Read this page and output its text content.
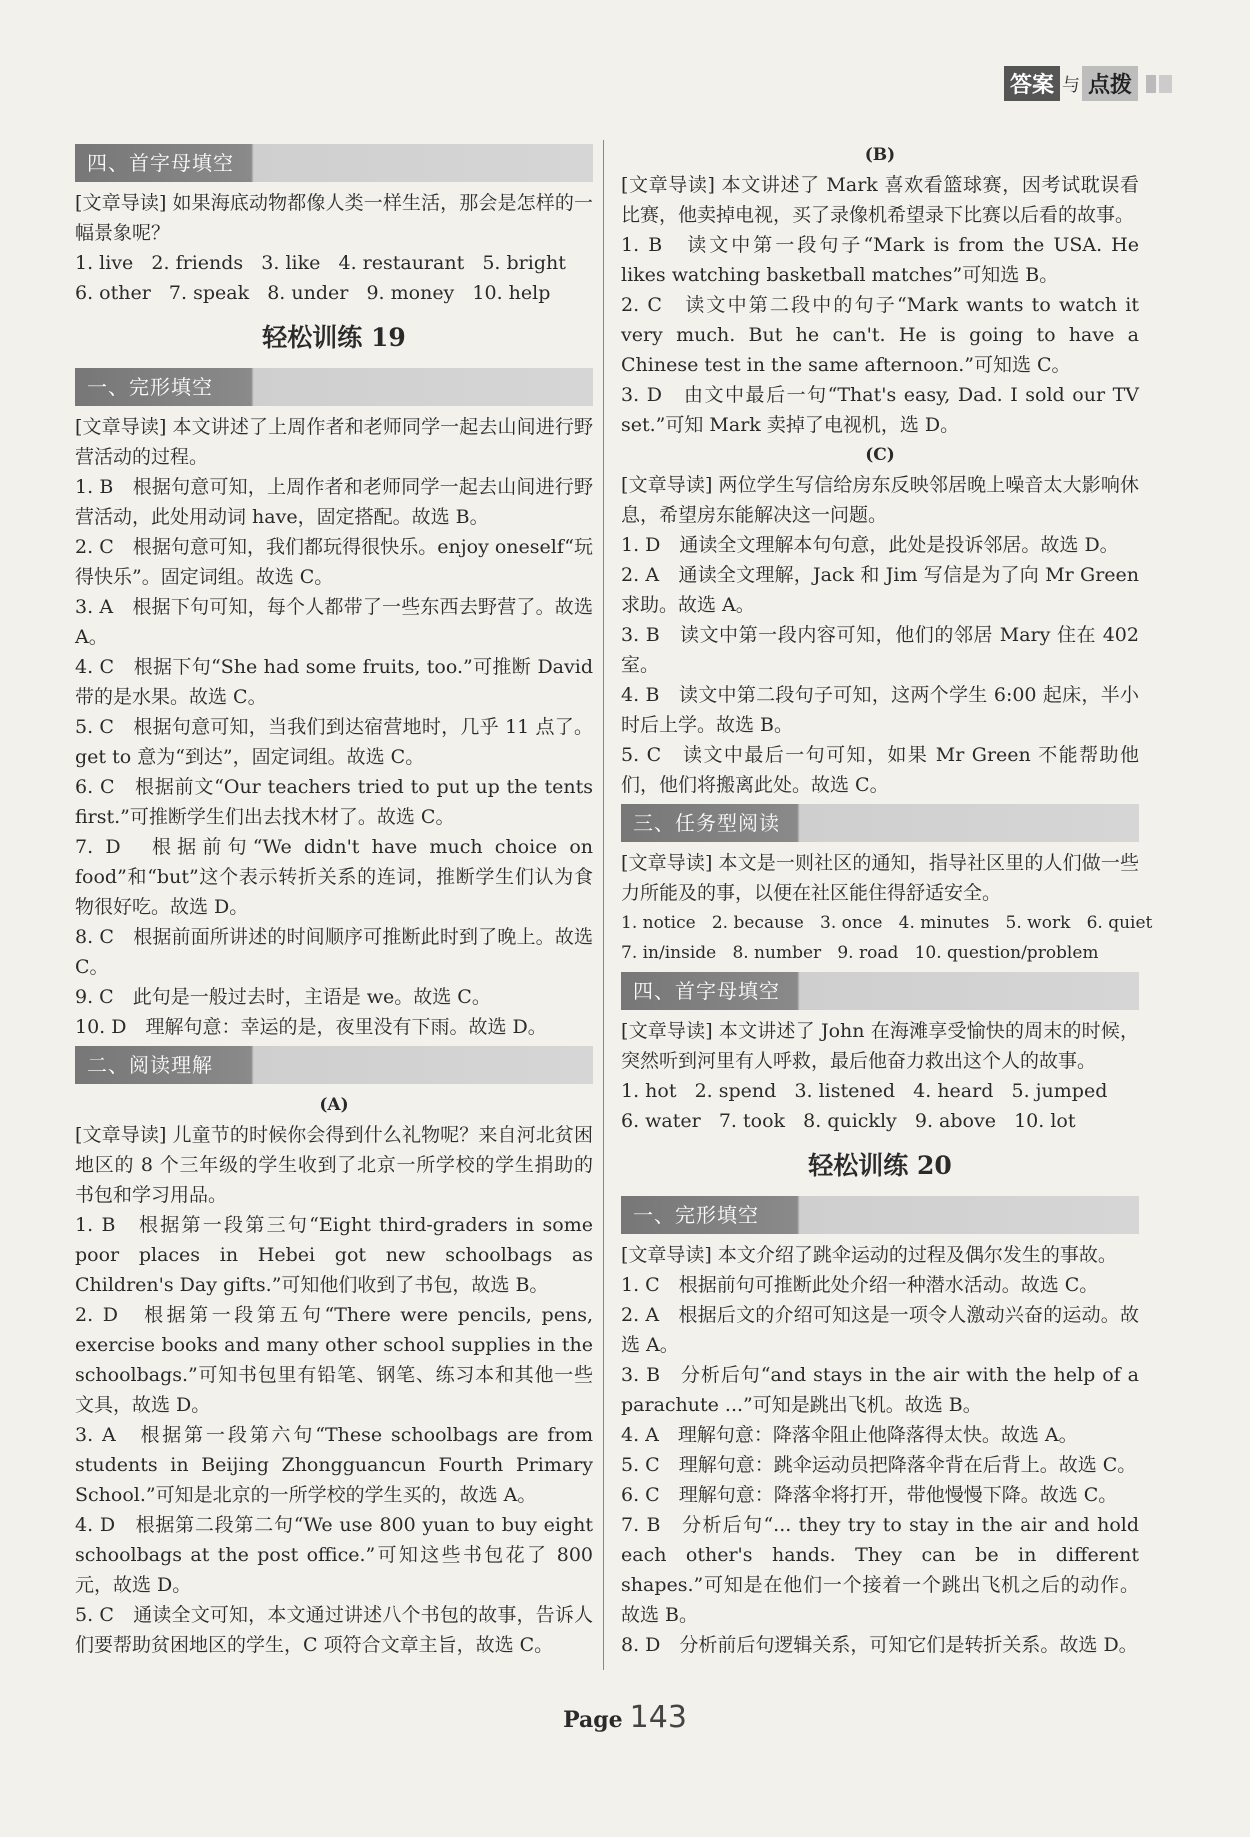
答案 与 点拨
四、首字母填空

[文章导读] 如果海底动物都像人类一样生活，那会是怎样的一幅景象呢？

1. live   2. friends   3. like   4. restaurant   5. bright

6. other   7. speak   8. under   9. money   10. help

轻松训练 19
一、完形填空

[文章导读] 本文讲述了上周作者和老师同学一起去山间进行野营活动的过程。

1. B　根据句意可知，上周作者和老师同学一起去山间进行野营活动，此处用动词 have，固定搭配。故选 B。

2. C　根据句意可知，我们都玩得很快乐。enjoy oneself“玩得快乐”。固定词组。故选 C。

3. A　根据下句可知，每个人都带了一些东西去野营了。故选 A。

4. C　根据下句“She had some fruits, too.”可推断 David 带的是水果。故选 C。

5. C　根据句意可知，当我们到达宿营地时，几乎 11 点了。get to 意为“到达”，固定词组。故选 C。

6. C　根据前文“Our teachers tried to put up the tents first.”可推断学生们出去找木材了。故选 C。

7. D　根据前句“We didn't have much choice on food”和“but”这个表示转折关系的连词，推断学生们认为食物很好吃。故选 D。

8. C　根据前面所讲述的时间顺序可推断此时到了晚上。故选 C。

9. C　此句是一般过去时，主语是 we。故选 C。

10. D　理解句意：幸运的是，夜里没有下雨。故选 D。

二、阅读理解
(A)

[文章导读] 儿童节的时候你会得到什么礼物呢？来自河北贫困地区的 8 个三年级的学生收到了北京一所学校的学生捐助的书包和学习用品。

1. B　根据第一段第三句“Eight third-graders in some poor places in Hebei got new schoolbags as Children's Day gifts.”可知他们收到了书包，故选 B。

2. D　根据第一段第五句“There were pencils, pens, exercise books and many other school supplies in the schoolbags.”可知书包里有铅笔、钢笔、练习本和其他一些文具，故选 D。

3. A　根据第一段第六句“These schoolbags are from students in Beijing Zhongguancun Fourth Primary School.”可知是北京的一所学校的学生买的，故选 A。

4. D　根据第二段第二句“We use 800 yuan to buy eight schoolbags at the post office.”可知这些书包花了 800 元，故选 D。

5. C　通读全文可知，本文通过讲述八个书包的故事，告诉人们要帮助贫困地区的学生，C 项符合文章主旨，故选 C。

(B)

[文章导读] 本文讲述了 Mark 喜欢看篮球赛，因考试耽误看比赛，他卖掉电视，买了录像机希望录下比赛以后看的故事。

1. B　读文中第一段句子“Mark is from the USA. He likes watching basketball matches”可知选 B。

2. C　读文中第二段中的句子“Mark wants to watch it very much. But he can't. He is going to have a Chinese test in the same afternoon.”可知选 C。

3. D　由文中最后一句“That's easy, Dad. I sold our TV set.”可知 Mark 卖掉了电视机，选 D。

(C)

[文章导读] 两位学生写信给房东反映邻居晚上噪音太大影响休息，希望房东能解决这一问题。

1. D　通读全文理解本句句意，此处是投诉邻居。故选 D。

2. A　通读全文理解，Jack 和 Jim 写信是为了向 Mr Green 求助。故选 A。

3. B　读文中第一段内容可知，他们的邻居 Mary 住在 402 室。

4. B　读文中第二段句子可知，这两个学生 6:00 起床，半小时后上学。故选 B。

5. C　读文中最后一句可知，如果 Mr Green 不能帮助他们，他们将搬离此处。故选 C。

三、任务型阅读

[文章导读] 本文是一则社区的通知，指导社区里的人们做一些力所能及的事，以便在社区能住得舒适安全。

1. notice   2. because   3. once   4. minutes   5. work   6. quiet

7. in/inside   8. number   9. road   10. question/problem

四、首字母填空

[文章导读] 本文讲述了 John 在海滩享受愉快的周末的时候，突然听到河里有人呼救，最后他奋力救出这个人的故事。

1. hot   2. spend   3. listened   4. heard   5. jumped

6. water   7. took   8. quickly   9. above   10. lot

轻松训练 20
一、完形填空

[文章导读] 本文介绍了跳伞运动的过程及偶尔发生的事故。

1. C　根据前句可推断此处介绍一种潜水活动。故选 C。

2. A　根据后文的介绍可知这是一项令人激动兴奋的运动。故选 A。

3. B　分析后句“and stays in the air with the help of a parachute ...”可知是跳出飞机。故选 B。

4. A　理解句意：降落伞阻止他降落得太快。故选 A。

5. C　理解句意：跳伞运动员把降落伞背在后背上。故选 C。

6. C　理解句意：降落伞将打开，带他慢慢下降。故选 C。

7. B　分析后句“... they try to stay in the air and hold each other's hands. They can be in different shapes.”可知是在他们一个接着一个跳出飞机之后的动作。故选 B。

8. D　分析前后句逻辑关系，可知它们是转折关系。故选 D。

Page 143
